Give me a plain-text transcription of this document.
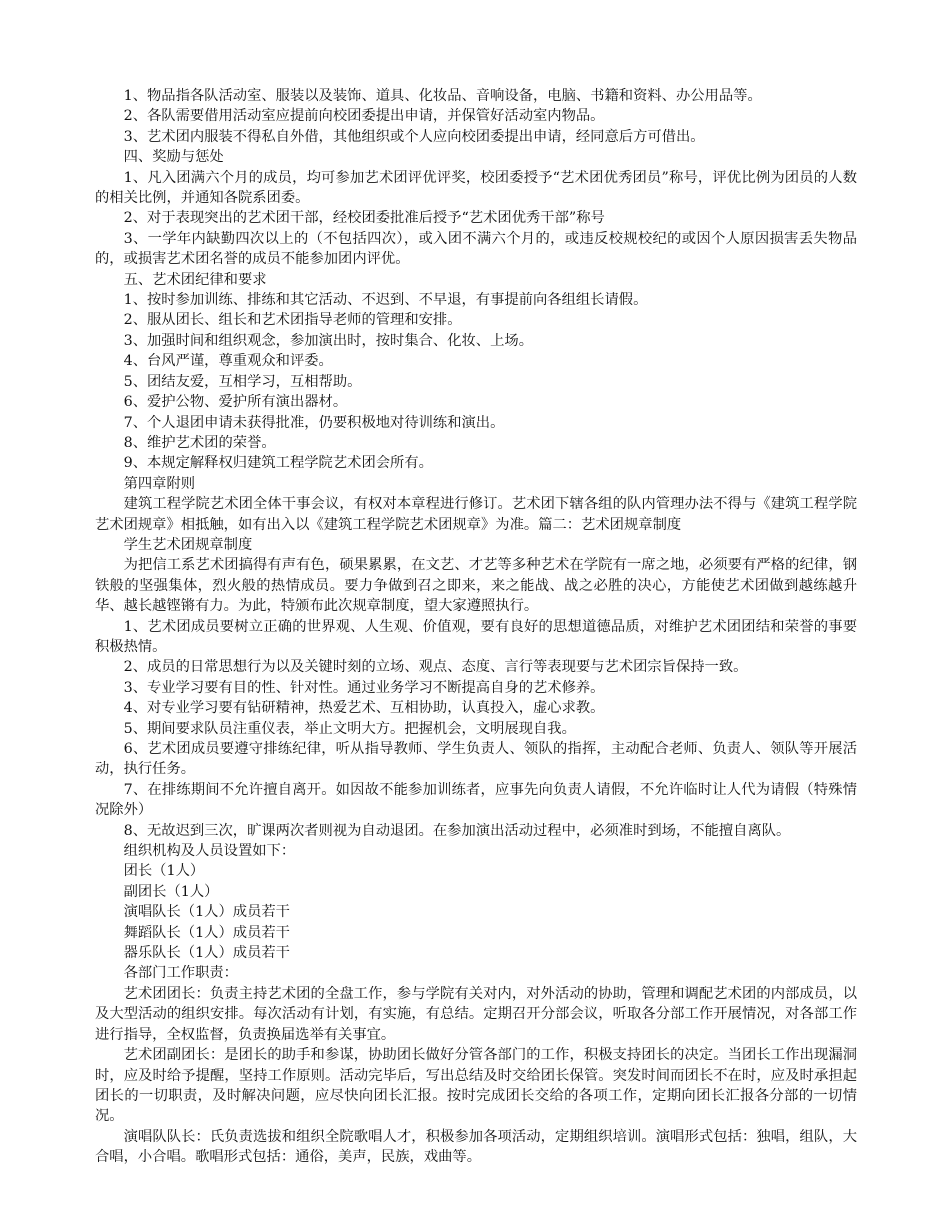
1、物品指各队活动室、服装以及装饰、道具、化妆品、音响设备，电脑、书籍和资料、办公用品等。

2、各队需要借用活动室应提前向校团委提出申请，并保管好活动室内物品。

3、艺术团内服装不得私自外借，其他组织或个人应向校团委提出申请，经同意后方可借出。

四、奖励与惩处

1、凡入团满六个月的成员，均可参加艺术团评优评奖，校团委授予“艺术团优秀团员”称号，评优比例为团员的人数的相关比例，并通知各院系团委。

2、对于表现突出的艺术团干部，经校团委批准后授予“艺术团优秀干部”称号

3、一学年内缺勤四次以上的（不包括四次），或入团不满六个月的，或违反校规校纪的或因个人原因损害丢失物品的，或损害艺术团名誉的成员不能参加团内评优。

五、艺术团纪律和要求

1、按时参加训练、排练和其它活动、不迟到、不早退，有事提前向各组组长请假。

2、服从团长、组长和艺术团指导老师的管理和安排。

3、加强时间和组织观念，参加演出时，按时集合、化妆、上场。

4、台风严谨，尊重观众和评委。

5、团结友爱，互相学习，互相帮助。

6、爱护公物、爱护所有演出器材。

7、个人退团申请未获得批准，仍要积极地对待训练和演出。

8、维护艺术团的荣誉。

9、本规定解释权归建筑工程学院艺术团会所有。

第四章附则

建筑工程学院艺术团全体干事会议，有权对本章程进行修订。艺术团下辖各组的队内管理办法不得与《建筑工程学院艺术团规章》相抵触，如有出入以《建筑工程学院艺术团规章》为准。篇二：艺术团规章制度

学生艺术团规章制度

为把信工系艺术团搞得有声有色，硕果累累，在文艺、才艺等多种艺术在学院有一席之地，必须要有严格的纪律，钢铁般的坚强集体，烈火般的热情成员。要力争做到召之即来，来之能战、战之必胜的决心，方能使艺术团做到越练越升华、越长越铿锵有力。为此，特颁布此次规章制度，望大家遵照执行。

1、艺术团成员要树立正确的世界观、人生观、价值观，要有良好的思想道德品质，对维护艺术团团结和荣誉的事要积极热情。

2、成员的日常思想行为以及关键时刻的立场、观点、态度、言行等表现要与艺术团宗旨保持一致。

3、专业学习要有目的性、针对性。通过业务学习不断提高自身的艺术修养。

4、对专业学习要有钻研精神，热爱艺术、互相协助，认真投入，虚心求教。

5、期间要求队员注重仪表，举止文明大方。把握机会，文明展现自我。

6、艺术团成员要遵守排练纪律，听从指导教师、学生负责人、领队的指挥，主动配合老师、负责人、领队等开展活动，执行任务。

7、在排练期间不允许擅自离开。如因故不能参加训练者，应事先向负责人请假，不允许临时让人代为请假（特殊情况除外）

8、无故迟到三次，旷课两次者则视为自动退团。在参加演出活动过程中，必须准时到场，不能擅自离队。

组织机构及人员设置如下：

团长（1人）

副团长（1人）

演唱队长（1人）成员若干

舞蹈队长（1人）成员若干

器乐队长（1人）成员若干

各部门工作职责：

艺术团团长：负责主持艺术团的全盘工作，参与学院有关对内，对外活动的协助，管理和调配艺术团的内部成员，以及大型活动的组织安排。每次活动有计划，有实施，有总结。定期召开分部会议，听取各分部工作开展情况，对各部工作进行指导，全权监督，负责换届选举有关事宜。

艺术团副团长：是团长的助手和参谋，协助团长做好分管各部门的工作，积极支持团长的决定。当团长工作出现漏洞时，应及时给予提醒，坚持工作原则。活动完毕后，写出总结及时交给团长保管。突发时间而团长不在时，应及时承担起团长的一切职责，及时解决问题，应尽快向团长汇报。按时完成团长交给的各项工作，定期向团长汇报各分部的一切情况。

演唱队队长：氏负责选拔和组织全院歌唱人才，积极参加各项活动，定期组织培训。演唱形式包括：独唱，组队，大合唱，小合唱。歌唱形式包括：通俗，美声，民族，戏曲等。
